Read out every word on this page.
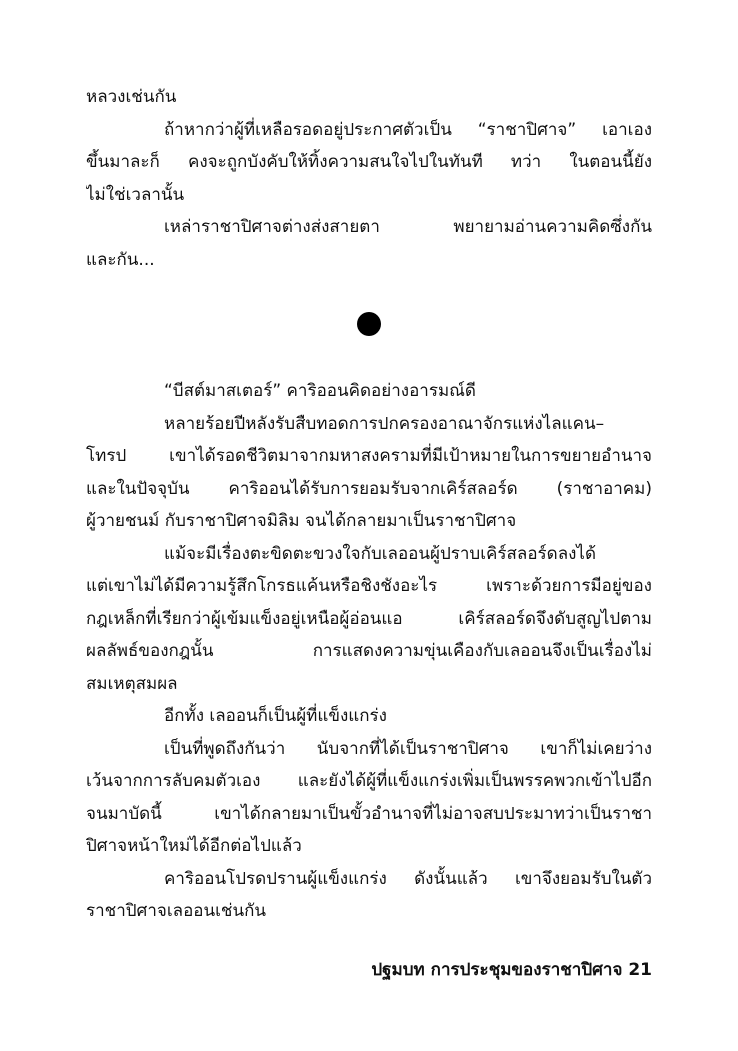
หลวงเช่นกัน
ถ้าหากว่าผู้ที่เหลือรอดอยู่ประกาศตัวเป็น “ราชาปิศาจ” เอาเอง
ขึ้นมาละก็ คงจะถูกบังคับให้ทิ้งความสนใจไปในทันที ทว่า ในตอนนี้ยัง
ไม่ใช่เวลานั้น
เหล่าราชาปิศาจต่างส่งสายตา พยายามอ่านความคิดซึ่งกัน
และกัน...
“บีสต์มาสเตอร์” คาริออนคิดอย่างอารมณ์ดี
หลายร้อยปีหลังรับสืบทอดการปกครองอาณาจักรแห่งไลแคน–
โทรป เขาได้รอดชีวิตมาจากมหาสงครามที่มีเป้าหมายในการขยายอำนาจ
และในปัจจุบัน คาริออนได้รับการยอมรับจากเคิร์สลอร์ด (ราชาอาคม)
ผู้วายชนม์ กับราชาปิศาจมิลิม จนได้กลายมาเป็นราชาปิศาจ
แม้จะมีเรื่องตะขิดตะขวงใจกับเลออนผู้ปราบเคิร์สลอร์ดลงได้
แต่เขาไม่ได้มีความรู้สึกโกรธแค้นหรือชิงชังอะไร เพราะด้วยการมีอยู่ของ
กฎเหล็กที่เรียกว่าผู้เข้มแข็งอยู่เหนือผู้อ่อนแอ เคิร์สลอร์ดจึงดับสูญไปตาม
ผลลัพธ์ของกฎนั้น การแสดงความขุ่นเคืองกับเลออนจึงเป็นเรื่องไม่
สมเหตุสมผล
อีกทั้ง เลออนก็เป็นผู้ที่แข็งแกร่ง
เป็นที่พูดถึงกันว่า นับจากที่ได้เป็นราชาปิศาจ เขาก็ไม่เคยว่าง
เว้นจากการลับคมตัวเอง และยังได้ผู้ที่แข็งแกร่งเพิ่มเป็นพรรคพวกเข้าไปอีก
จนมาบัดนี้ เขาได้กลายมาเป็นขั้วอำนาจที่ไม่อาจสบประมาทว่าเป็นราชา
ปิศาจหน้าใหม่ได้อีกต่อไปแล้ว
คาริออนโปรดปรานผู้แข็งแกร่ง ดังนั้นแล้ว เขาจึงยอมรับในตัว
ราชาปิศาจเลออนเช่นกัน
ปฐมบท การประชุมของราชาปิศาจ 21
